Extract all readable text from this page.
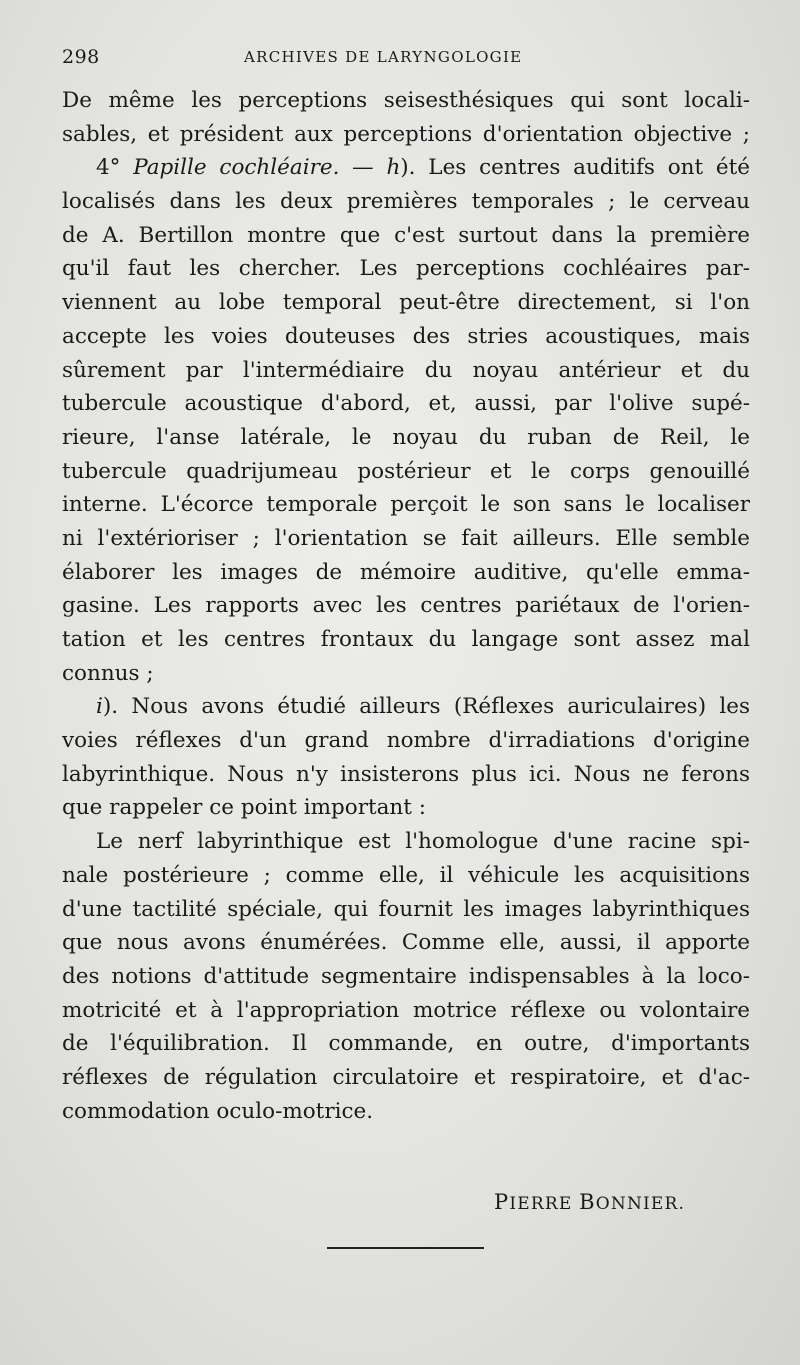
298	ARCHIVES DE LARYNGOLOGIE
De même les perceptions seisesthésiques qui sont locali-
sables, et président aux perceptions d'orientation objective ;
4° Papille cochléaire. — h). Les centres auditifs ont été
localisés dans les deux premières temporales ; le cerveau
de A. Bertillon montre que c'est surtout dans la première
qu'il faut les chercher. Les perceptions cochléaires par-
viennent au lobe temporal peut-être directement, si l'on
accepte les voies douteuses des stries acoustiques, mais
sûrement par l'intermédiaire du noyau antérieur et du
tubercule acoustique d'abord, et, aussi, par l'olive supé-
rieure, l'anse latérale, le noyau du ruban de Reil, le
tubercule quadrijumeau postérieur et le corps genouillé
interne. L'écorce temporale perçoit le son sans le localiser
ni l'extérioriser ; l'orientation se fait ailleurs. Elle semble
élaborer les images de mémoire auditive, qu'elle emma-
gasine. Les rapports avec les centres pariétaux de l'orien-
tation et les centres frontaux du langage sont assez mal
connus ;
i). Nous avons étudié ailleurs (Réflexes auriculaires) les
voies réflexes d'un grand nombre d'irradiations d'origine
labyrinthique. Nous n'y insisterons plus ici. Nous ne ferons
que rappeler ce point important :
Le nerf labyrinthique est l'homologue d'une racine spi-
nale postérieure ; comme elle, il véhicule les acquisitions
d'une tactilité spéciale, qui fournit les images labyrinthiques
que nous avons énumérées. Comme elle, aussi, il apporte
des notions d'attitude segmentaire indispensables à la loco-
motricité et à l'appropriation motrice réflexe ou volontaire
de l'équilibration. Il commande, en outre, d'importants
réflexes de régulation circulatoire et respiratoire, et d'ac-
commodation oculo-motrice.
PIERRE BONNIER.
